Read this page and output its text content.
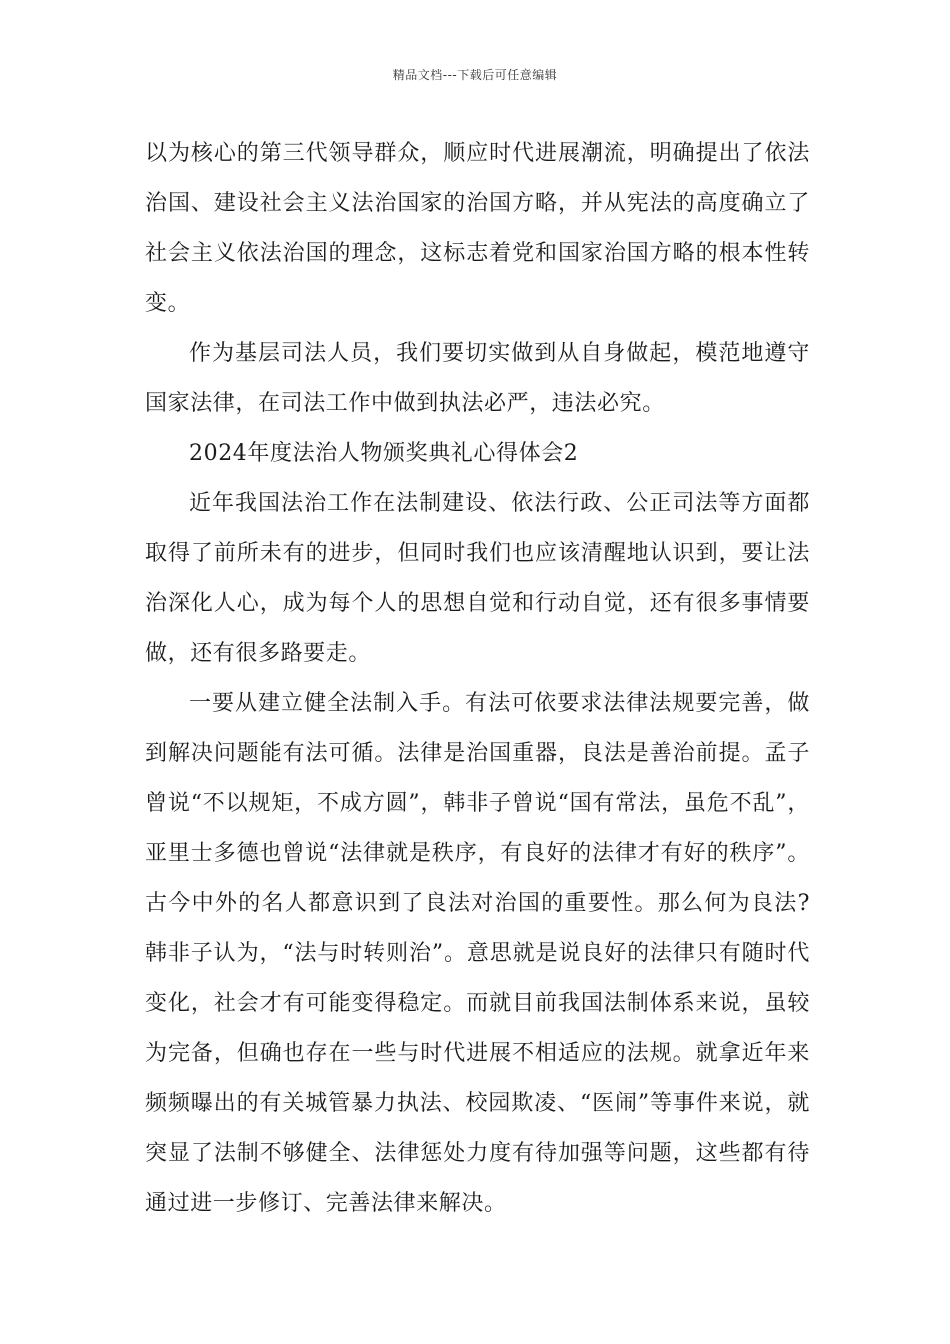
精品文档---下载后可任意编辑

以为核心的第三代领导群众，顺应时代进展潮流，明确提出了依法治国、建设社会主义法治国家的治国方略，并从宪法的高度确立了社会主义依法治国的理念，这标志着党和国家治国方略的根本性转变。

作为基层司法人员，我们要切实做到从自身做起，模范地遵守国家法律，在司法工作中做到执法必严，违法必究。

2024年度法治人物颁奖典礼心得体会2

近年我国法治工作在法制建设、依法行政、公正司法等方面都取得了前所未有的进步，但同时我们也应该清醒地认识到，要让法治深化人心，成为每个人的思想自觉和行动自觉，还有很多事情要做，还有很多路要走。

一要从建立健全法制入手。有法可依要求法律法规要完善，做到解决问题能有法可循。法律是治国重器，良法是善治前提。孟子曾说“不以规矩，不成方圆”，韩非子曾说“国有常法，虽危不乱”，亚里士多德也曾说“法律就是秩序，有良好的法律才有好的秩序”。古今中外的名人都意识到了良法对治国的重要性。那么何为良法?韩非子认为，“法与时转则治”。意思就是说良好的法律只有随时代变化，社会才有可能变得稳定。而就目前我国法制体系来说，虽较为完备，但确也存在一些与时代进展不相适应的法规。就拿近年来频频曝出的有关城管暴力执法、校园欺凌、“医闹”等事件来说，就突显了法制不够健全、法律惩处力度有待加强等问题，这些都有待通过进一步修订、完善法律来解决。
